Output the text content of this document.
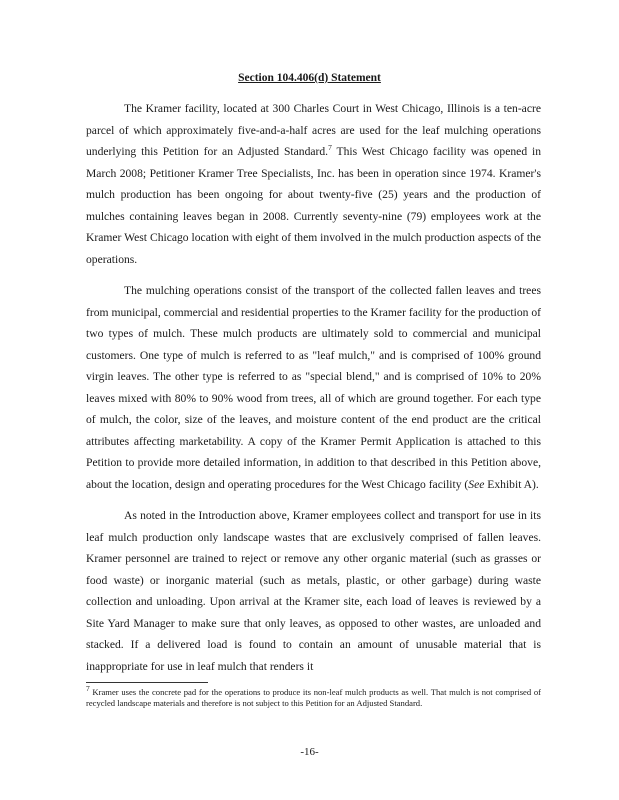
Section 104.406(d) Statement

The Kramer facility, located at 300 Charles Court in West Chicago, Illinois is a ten-acre parcel of which approximately five-and-a-half acres are used for the leaf mulching operations underlying this Petition for an Adjusted Standard.$^7$ This West Chicago facility was opened in March 2008; Petitioner Kramer Tree Specialists, Inc. has been in operation since 1974. Kramer's mulch production has been ongoing for about twenty-five (25) years and the production of mulches containing leaves began in 2008. Currently seventy-nine (79) employees work at the Kramer West Chicago location with eight of them involved in the mulch production aspects of the operations.

The mulching operations consist of the transport of the collected fallen leaves and trees from municipal, commercial and residential properties to the Kramer facility for the production of two types of mulch. These mulch products are ultimately sold to commercial and municipal customers. One type of mulch is referred to as "leaf mulch," and is comprised of 100% ground virgin leaves. The other type is referred to as "special blend," and is comprised of 10% to 20% leaves mixed with 80% to 90% wood from trees, all of which are ground together. For each type of mulch, the color, size of the leaves, and moisture content of the end product are the critical attributes affecting marketability. A copy of the Kramer Permit Application is attached to this Petition to provide more detailed information, in addition to that described in this Petition above, about the location, design and operating procedures for the West Chicago facility (See Exhibit A).

As noted in the Introduction above, Kramer employees collect and transport for use in its leaf mulch production only landscape wastes that are exclusively comprised of fallen leaves. Kramer personnel are trained to reject or remove any other organic material (such as grasses or food waste) or inorganic material (such as metals, plastic, or other garbage) during waste collection and unloading. Upon arrival at the Kramer site, each load of leaves is reviewed by a Site Yard Manager to make sure that only leaves, as opposed to other wastes, are unloaded and stacked. If a delivered load is found to contain an amount of unusable material that is inappropriate for use in leaf mulch that renders it

$^7$ Kramer uses the concrete pad for the operations to produce its non-leaf mulch products as well. That mulch is not comprised of recycled landscape materials and therefore is not subject to this Petition for an Adjusted Standard.

-16-
